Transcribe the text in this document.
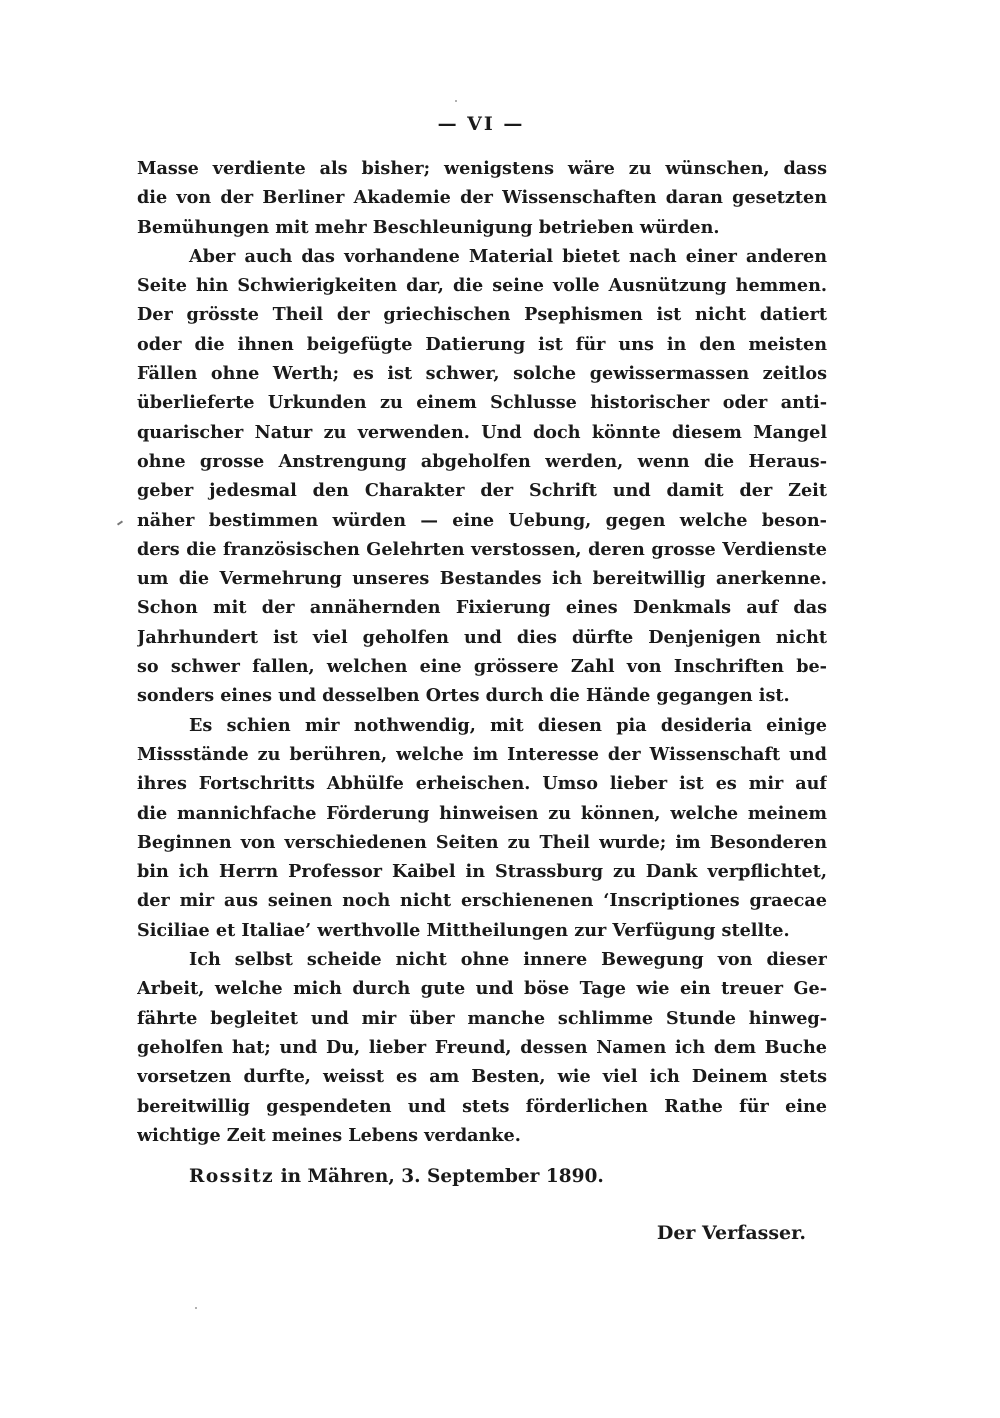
— VI —
Masse verdiente als bisher; wenigstens wäre zu wünschen, dass
die von der Berliner Akademie der Wissenschaften daran gesetzten
Bemühungen mit mehr Beschleunigung betrieben würden.
Aber auch das vorhandene Material bietet nach einer anderen
Seite hin Schwierigkeiten dar, die seine volle Ausnützung hemmen.
Der grösste Theil der griechischen Psephismen ist nicht datiert
oder die ihnen beigefügte Datierung ist für uns in den meisten
Fällen ohne Werth; es ist schwer, solche gewissermassen zeitlos
überlieferte Urkunden zu einem Schlusse historischer oder anti-
quarischer Natur zu verwenden. Und doch könnte diesem Mangel
ohne grosse Anstrengung abgeholfen werden, wenn die Heraus-
geber jedesmal den Charakter der Schrift und damit der Zeit
näher bestimmen würden — eine Uebung, gegen welche beson-
ders die französischen Gelehrten verstossen, deren grosse Verdienste
um die Vermehrung unseres Bestandes ich bereitwillig anerkenne.
Schon mit der annähernden Fixierung eines Denkmals auf das
Jahrhundert ist viel geholfen und dies dürfte Denjenigen nicht
so schwer fallen, welchen eine grössere Zahl von Inschriften be-
sonders eines und desselben Ortes durch die Hände gegangen ist.
Es schien mir nothwendig, mit diesen pia desideria einige
Missstände zu berühren, welche im Interesse der Wissenschaft und
ihres Fortschritts Abhülfe erheischen. Umso lieber ist es mir auf
die mannichfache Förderung hinweisen zu können, welche meinem
Beginnen von verschiedenen Seiten zu Theil wurde; im Besonderen
bin ich Herrn Professor Kaibel in Strassburg zu Dank verpflichtet,
der mir aus seinen noch nicht erschienenen ‘Inscriptiones graecae
Siciliae et Italiae’ werthvolle Mittheilungen zur Verfügung stellte.
Ich selbst scheide nicht ohne innere Bewegung von dieser
Arbeit, welche mich durch gute und böse Tage wie ein treuer Ge-
fährte begleitet und mir über manche schlimme Stunde hinweg-
geholfen hat; und Du, lieber Freund, dessen Namen ich dem Buche
vorsetzen durfte, weisst es am Besten, wie viel ich Deinem stets
bereitwillig gespendeten und stets förderlichen Rathe für eine
wichtige Zeit meines Lebens verdanke.
Rossitz in Mähren, 3. September 1890.
Der Verfasser.
